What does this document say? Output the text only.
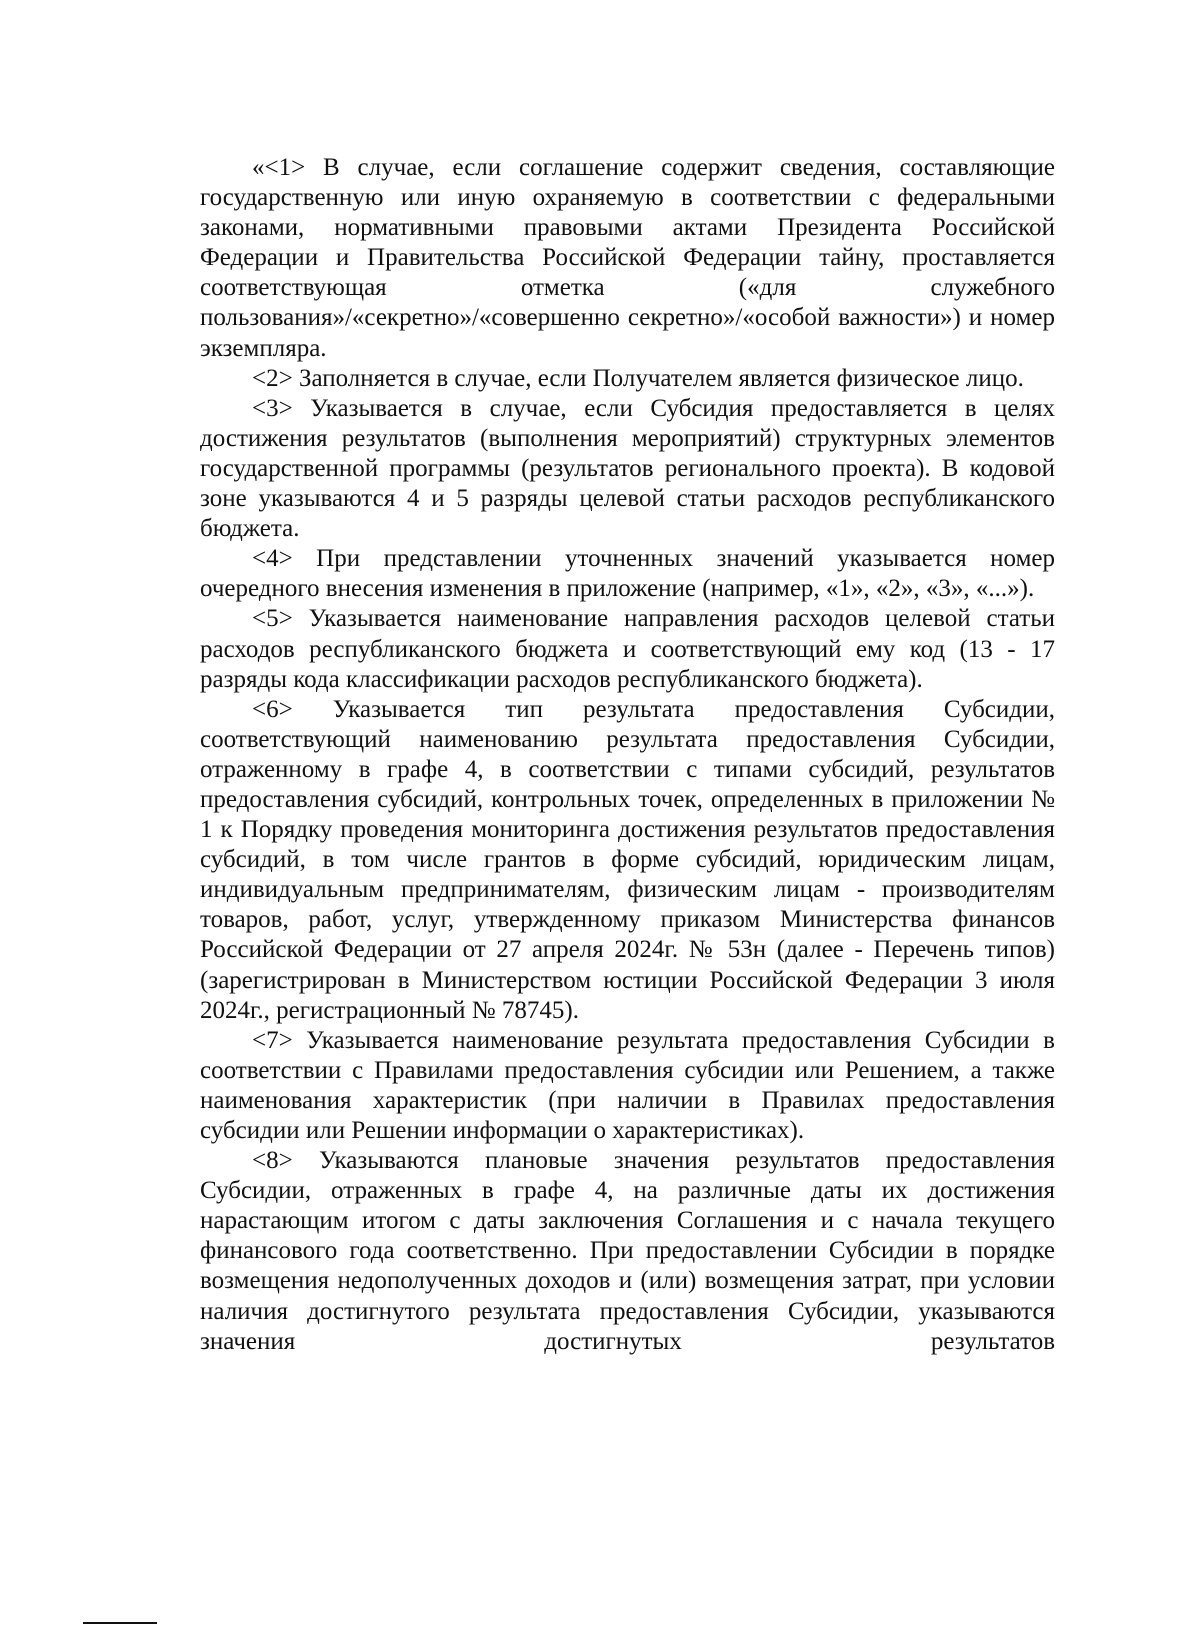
«<1> В случае, если соглашение содержит сведения, составляющие государственную или иную охраняемую в соответствии с федеральными законами, нормативными правовыми актами Президента Российской Федерации и Правительства Российской Федерации тайну, проставляется соответствующая отметка («для служебного пользования»/«секретно»/«совершенно секретно»/«особой важности») и номер экземпляра.

<2> Заполняется в случае, если Получателем является физическое лицо.

<3> Указывается в случае, если Субсидия предоставляется в целях достижения результатов (выполнения мероприятий) структурных элементов государственной программы (результатов регионального проекта). В кодовой зоне указываются 4 и 5 разряды целевой статьи расходов республиканского бюджета.

<4> При представлении уточненных значений указывается номер очередного внесения изменения в приложение (например, «1», «2», «3», «...»).

<5> Указывается наименование направления расходов целевой статьи расходов республиканского бюджета и соответствующий ему код (13 - 17 разряды кода классификации расходов республиканского бюджета).

<6> Указывается тип результата предоставления Субсидии, соответствующий наименованию результата предоставления Субсидии, отраженному в графе 4, в соответствии с типами субсидий, результатов предоставления субсидий, контрольных точек, определенных в приложении № 1 к Порядку проведения мониторинга достижения результатов предоставления субсидий, в том числе грантов в форме субсидий, юридическим лицам, индивидуальным предпринимателям, физическим лицам - производителям товаров, работ, услуг, утвержденному приказом Министерства финансов Российской Федерации от 27 апреля 2024г. № 53н (далее - Перечень типов) (зарегистрирован в Министерством юстиции Российской Федерации 3 июля 2024г., регистрационный № 78745).

<7> Указывается наименование результата предоставления Субсидии в соответствии с Правилами предоставления субсидии или Решением, а также наименования характеристик (при наличии в Правилах предоставления субсидии или Решении информации о характеристиках).

<8> Указываются плановые значения результатов предоставления Субсидии, отраженных в графе 4, на различные даты их достижения нарастающим итогом с даты заключения Соглашения и с начала текущего финансового года соответственно. При предоставлении Субсидии в порядке возмещения недополученных доходов и (или) возмещения затрат, при условии наличия достигнутого результата предоставления Субсидии, указываются значения достигнутых результатов
